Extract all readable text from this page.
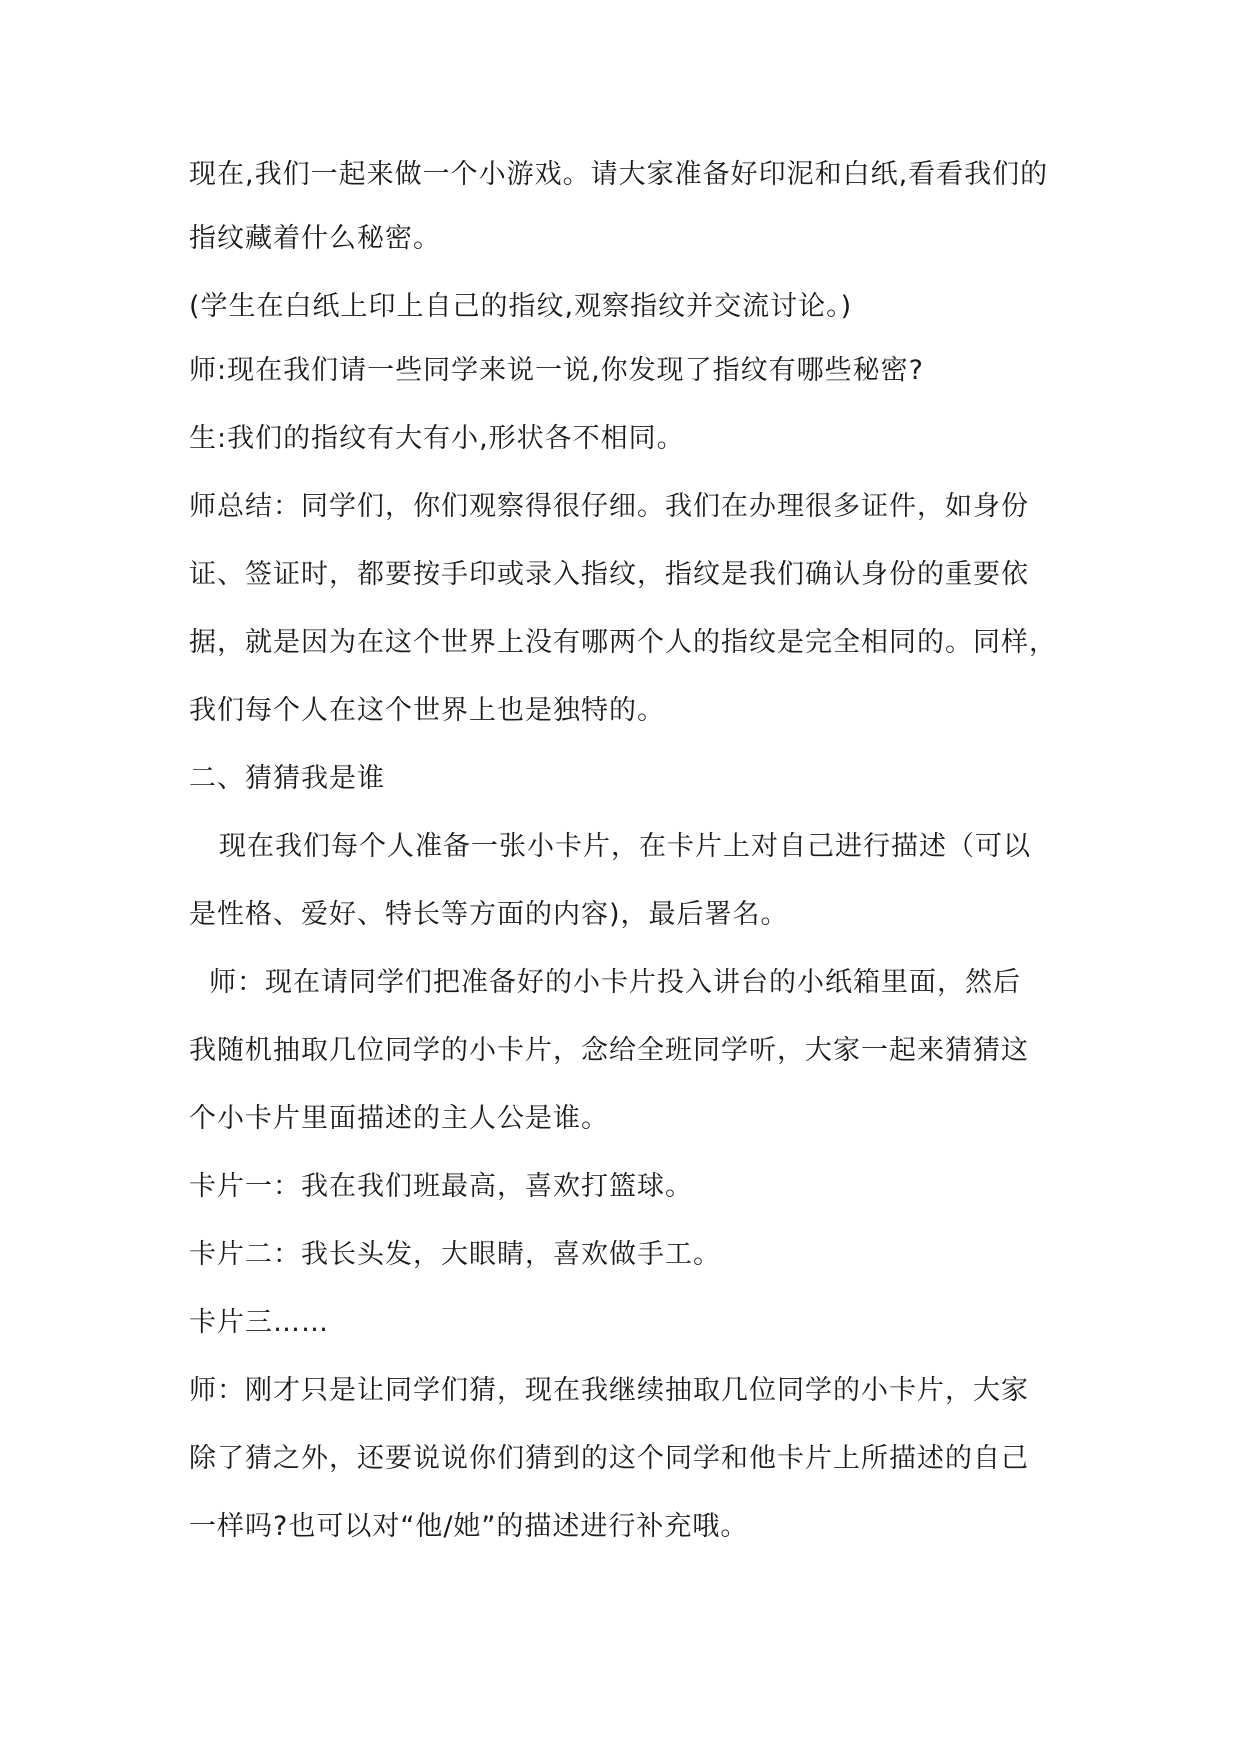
现在,我们一起来做一个小游戏。请大家准备好印泥和白纸,看看我们的

指纹藏着什么秘密。

(学生在白纸上印上自己的指纹,观察指纹并交流讨论。)

师:现在我们请一些同学来说一说,你发现了指纹有哪些秘密?

生:我们的指纹有大有小,形状各不相同。

师总结：同学们，你们观察得很仔细。我们在办理很多证件，如身份

证、签证时，都要按手印或录入指纹，指纹是我们确认身份的重要依

据，就是因为在这个世界上没有哪两个人的指纹是完全相同的。同样，

我们每个人在这个世界上也是独特的。

二、猜猜我是谁

现在我们每个人准备一张小卡片，在卡片上对自己进行描述（可以

是性格、爱好、特长等方面的内容)，最后署名。

师：现在请同学们把准备好的小卡片投入讲台的小纸箱里面，然后

我随机抽取几位同学的小卡片，念给全班同学听，大家一起来猜猜这

个小卡片里面描述的主人公是谁。

卡片一：我在我们班最高，喜欢打篮球。

卡片二：我长头发，大眼睛，喜欢做手工。

卡片三……

师：刚才只是让同学们猜，现在我继续抽取几位同学的小卡片，大家

除了猜之外，还要说说你们猜到的这个同学和他卡片上所描述的自己

一样吗?也可以对“他/她”的描述进行补充哦。
